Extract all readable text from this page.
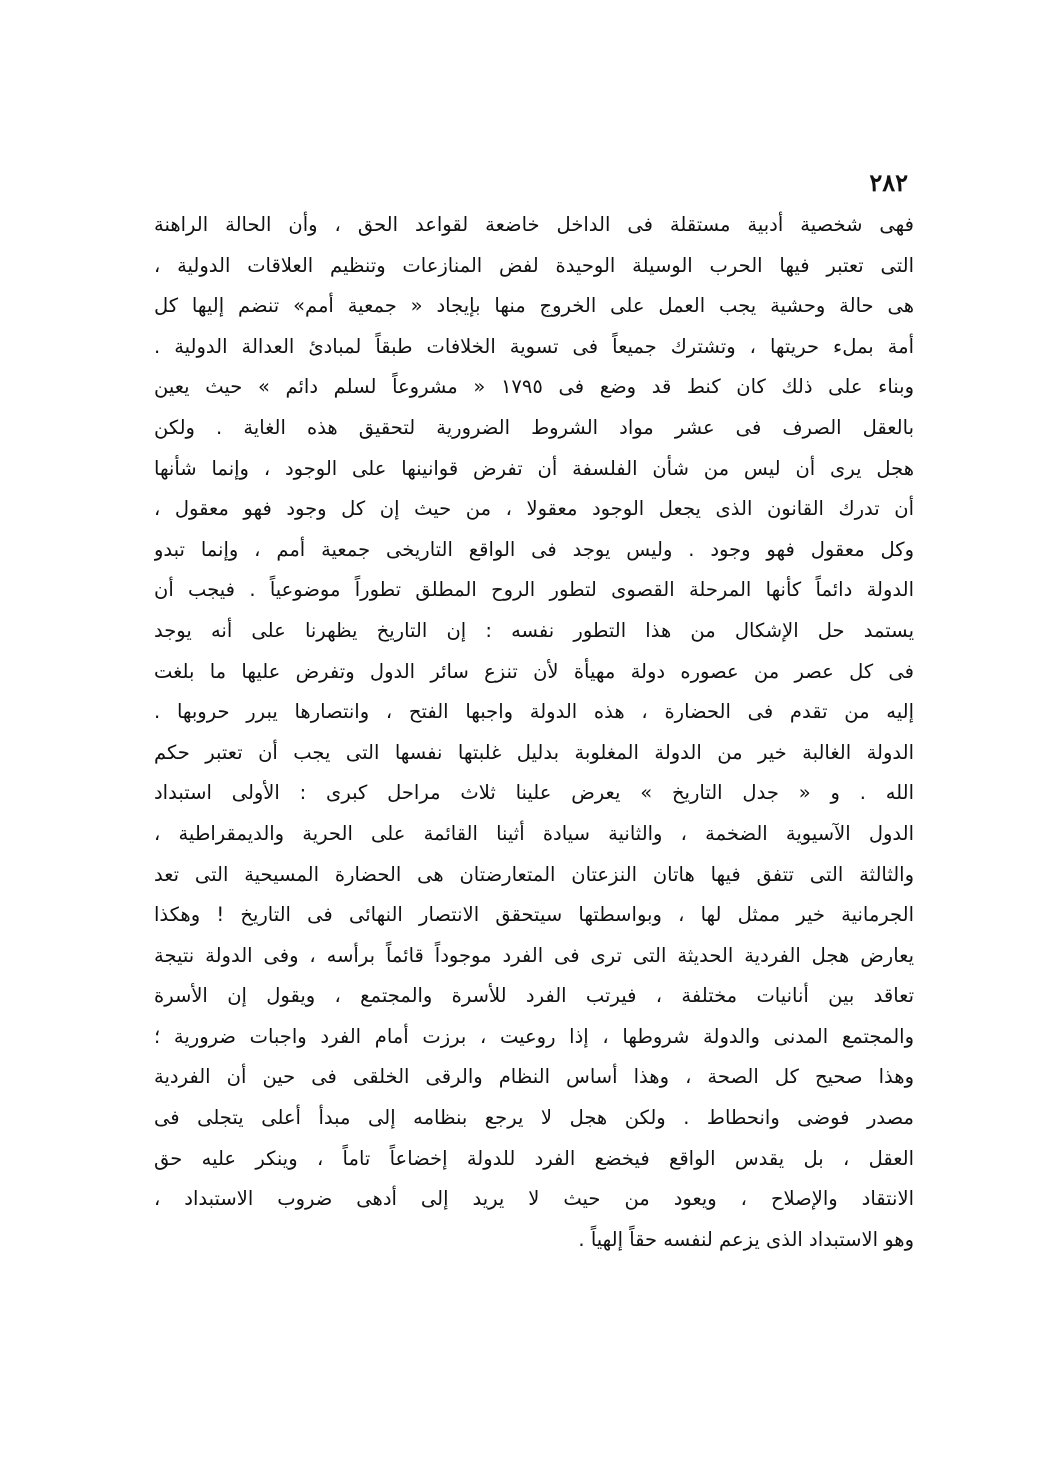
٢٨٢
فهى شخصية أدبية مستقلة فى الداخل خاضعة لقواعد الحق ، وأن الحالة الراهنة
التى تعتبر فيها الحرب الوسيلة الوحيدة لفض المنازعات وتنظيم العلاقات الدولية ،
هى حالة وحشية يجب العمل على الخروج منها بإيجاد « جمعية أمم» تنضم إليها كل
أمة بملء حريتها ، وتشترك جميعاً فى تسوية الخلافات طبقاً لمبادئ العدالة الدولية .
وبناء على ذلك كان كنط قد وضع فى ١٧٩٥ « مشروعاً لسلم دائم » حيث يعين
بالعقل الصرف فى عشر مواد الشروط الضرورية لتحقيق هذه الغاية . ولكن
هجل يرى أن ليس من شأن الفلسفة أن تفرض قوانينها على الوجود ، وإنما شأنها
أن تدرك القانون الذى يجعل الوجود معقولا ، من حيث إن كل وجود فهو معقول ،
وكل معقول فهو وجود . وليس يوجد فى الواقع التاريخى جمعية أمم ، وإنما تبدو
الدولة دائماً كأنها المرحلة القصوى لتطور الروح المطلق تطوراً موضوعياً . فيجب أن
يستمد حل الإشكال من هذا التطور نفسه : إن التاريخ يظهرنا على أنه يوجد
فى كل عصر من عصوره دولة مهيأة لأن تنزع سائر الدول وتفرض عليها ما بلغت
إليه من تقدم فى الحضارة ، هذه الدولة واجبها الفتح ، وانتصارها يبرر حروبها .
الدولة الغالبة خير من الدولة المغلوبة بدليل غلبتها نفسها التى يجب أن تعتبر حكم
الله . و « جدل التاريخ » يعرض علينا ثلاث مراحل كبرى : الأولى استبداد
الدول الآسيوية الضخمة ، والثانية سيادة أثينا القائمة على الحرية والديمقراطية ،
والثالثة التى تتفق فيها هاتان النزعتان المتعارضتان هى الحضارة المسيحية التى تعد
الجرمانية خير ممثل لها ، وبواسطتها سيتحقق الانتصار النهائى فى التاريخ ! وهكذا
يعارض هجل الفردية الحديثة التى ترى فى الفرد موجوداً قائماً برأسه ، وفى الدولة نتيجة
تعاقد بين أنانيات مختلفة ، فيرتب الفرد للأسرة والمجتمع ، ويقول إن الأسرة
والمجتمع المدنى والدولة شروطها ، إذا روعيت ، برزت أمام الفرد واجبات ضرورية ؛
وهذا صحيح كل الصحة ، وهذا أساس النظام والرقى الخلقى فى حين أن الفردية
مصدر فوضى وانحطاط . ولكن هجل لا يرجع بنظامه إلى مبدأ أعلى يتجلى فى
العقل ، بل يقدس الواقع فيخضع الفرد للدولة إخضاعاً تاماً ، وينكر عليه حق
الانتقاد والإصلاح ، ويعود من حيث لا يريد إلى أدهى ضروب الاستبداد ،
وهو الاستبداد الذى يزعم لنفسه حقاً إلهياً .
